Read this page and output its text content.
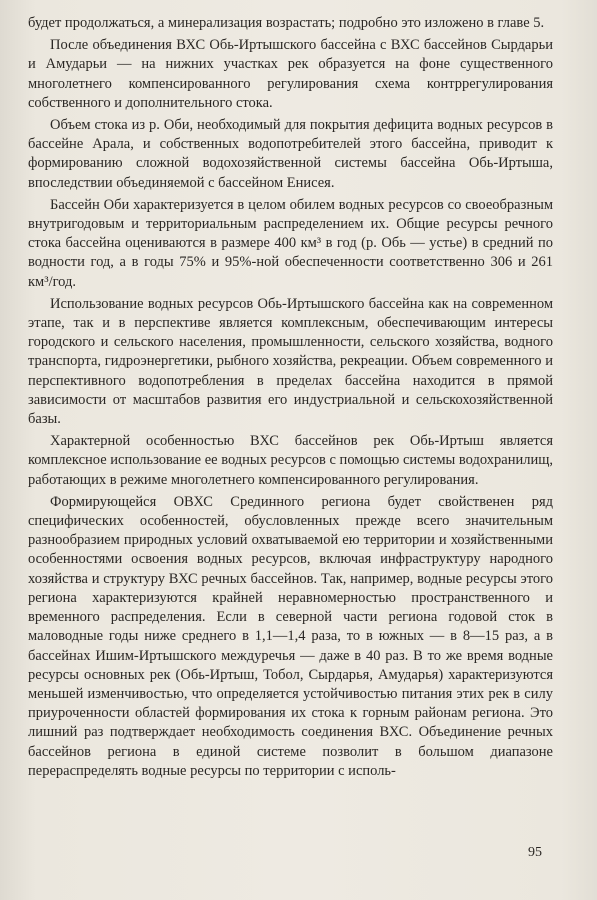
будет продолжаться, а минерализация возрастать; подробно это изложено в главе 5.

После объединения ВХС Обь-Иртышского бассейна с ВХС бассейнов Сырдарьи и Амударьи — на нижних участках рек образуется на фоне существенного многолетнего компенсированного регулирования схема контррегулирования собственного и дополнительного стока.

Объем стока из р. Оби, необходимый для покрытия дефицита водных ресурсов в бассейне Арала, и собственных водопотребителей этого бассейна, приводит к формированию сложной водохозяйственной системы бассейна Обь-Иртыша, впоследствии объединяемой с бассейном Енисея.

Бассейн Оби характеризуется в целом обилем водных ресурсов со своеобразным внутригодовым и территориальным распределением их. Общие ресурсы речного стока бассейна оцениваются в размере 400 км³ в год (р. Обь — устье) в средний по водности год, а в годы 75% и 95%-ной обеспеченности соответственно 306 и 261 км³/год.

Использование водных ресурсов Обь-Иртышского бассейна как на современном этапе, так и в перспективе является комплексным, обеспечивающим интересы городского и сельского населения, промышленности, сельского хозяйства, водного транспорта, гидроэнергетики, рыбного хозяйства, рекреации. Объем современного и перспективного водопотребления в пределах бассейна находится в прямой зависимости от масштабов развития его индустриальной и сельскохозяйственной базы.

Характерной особенностью ВХС бассейнов рек Обь-Иртыш является комплексное использование ее водных ресурсов с помощью системы водохранилищ, работающих в режиме многолетнего компенсированного регулирования.

Формирующейся ОВХС Срединного региона будет свойственен ряд специфических особенностей, обусловленных прежде всего значительным разнообразием природных условий охватываемой ею территории и хозяйственными особенностями освоения водных ресурсов, включая инфраструктуру народного хозяйства и структуру ВХС речных бассейнов. Так, например, водные ресурсы этого региона характеризуются крайней неравномерностью пространственного и временного распределения. Если в северной части региона годовой сток в маловодные годы ниже среднего в 1,1—1,4 раза, то в южных — в 8—15 раз, а в бассейнах Ишим-Иртышского междуречья — даже в 40 раз. В то же время водные ресурсы основных рек (Обь-Иртыш, Тобол, Сырдарья, Амударья) характеризуются меньшей изменчивостью, что определяется устойчивостью питания этих рек в силу приуроченности областей формирования их стока к горным районам региона. Это лишний раз подтверждает необходимость соединения ВХС. Объединение речных бассейнов региона в единой системе позволит в большом диапазоне перераспределять водные ресурсы по территории с исполь-

95
